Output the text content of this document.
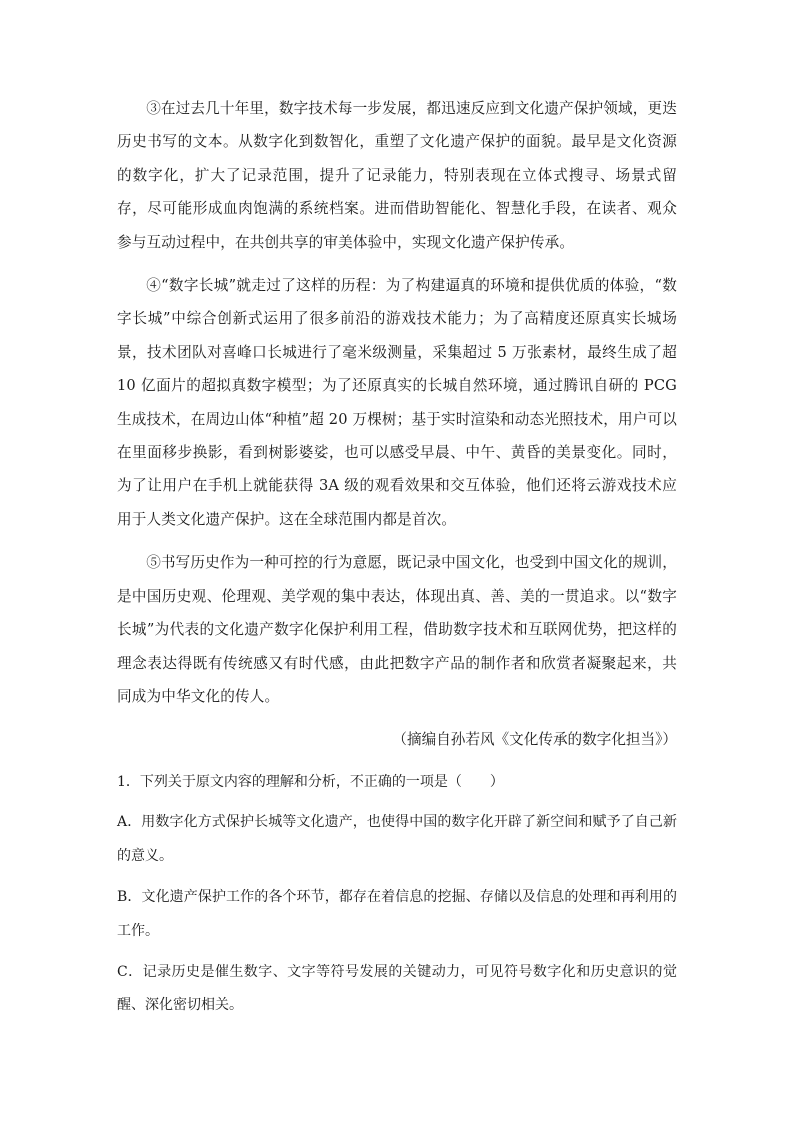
③在过去几十年里，数字技术每一步发展，都迅速反应到文化遗产保护领域，更迭历史书写的文本。从数字化到数智化，重塑了文化遗产保护的面貌。最早是文化资源的数字化，扩大了记录范围，提升了记录能力，特别表现在立体式搜寻、场景式留存，尽可能形成血肉饱满的系统档案。进而借助智能化、智慧化手段，在读者、观众参与互动过程中，在共创共享的审美体验中，实现文化遗产保护传承。

④“数字长城”就走过了这样的历程：为了构建逼真的环境和提供优质的体验，“数字长城”中综合创新式运用了很多前沿的游戏技术能力；为了高精度还原真实长城场景，技术团队对喜峰口长城进行了毫米级测量，采集超过 5 万张素材，最终生成了超 10 亿面片的超拟真数字模型；为了还原真实的长城自然环境，通过腾讯自研的 PCG 生成技术，在周边山体“种植”超 20 万棵树；基于实时渲染和动态光照技术，用户可以在里面移步换影，看到树影婆娑，也可以感受早晨、中午、黄昏的美景变化。同时，为了让用户在手机上就能获得 3A 级的观看效果和交互体验，他们还将云游戏技术应用于人类文化遗产保护。这在全球范围内都是首次。

⑤书写历史作为一种可控的行为意愿，既记录中国文化，也受到中国文化的规训，是中国历史观、伦理观、美学观的集中表达，体现出真、善、美的一贯追求。以“数字长城”为代表的文化遗产数字化保护利用工程，借助数字技术和互联网优势，把这样的理念表达得既有传统感又有时代感，由此把数字产品的制作者和欣赏者凝聚起来，共同成为中华文化的传人。

（摘编自孙若风《文化传承的数字化担当》）
1．下列关于原文内容的理解和分析，不正确的一项是（　　）
A．用数字化方式保护长城等文化遗产，也使得中国的数字化开辟了新空间和赋予了自己新的意义。
B．文化遗产保护工作的各个环节，都存在着信息的挖掘、存储以及信息的处理和再利用的工作。
C．记录历史是催生数字、文字等符号发展的关键动力，可见符号数字化和历史意识的觉醒、深化密切相关。
